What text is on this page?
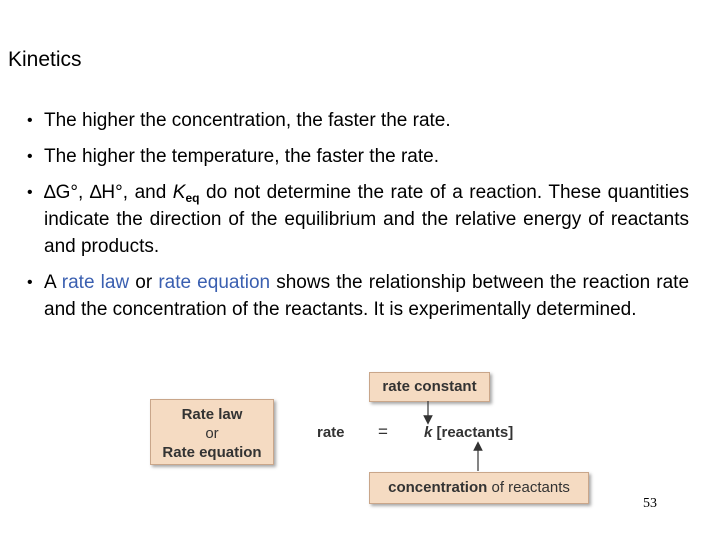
Kinetics
• The higher the concentration, the faster the rate.
• The higher the temperature, the faster the rate.
• ∆G°, ∆H°, and $K_{eq}$ do not determine the rate of a reaction. These quantities indicate the direction of the equilibrium and the relative energy of reactants and products.
• A rate law or rate equation shows the relationship between the reaction rate and the concentration of the reactants. It is experimentally determined.
Rate law
or
Rate equation
rate constant
concentration of reactants
rate = k [reactants]
53
